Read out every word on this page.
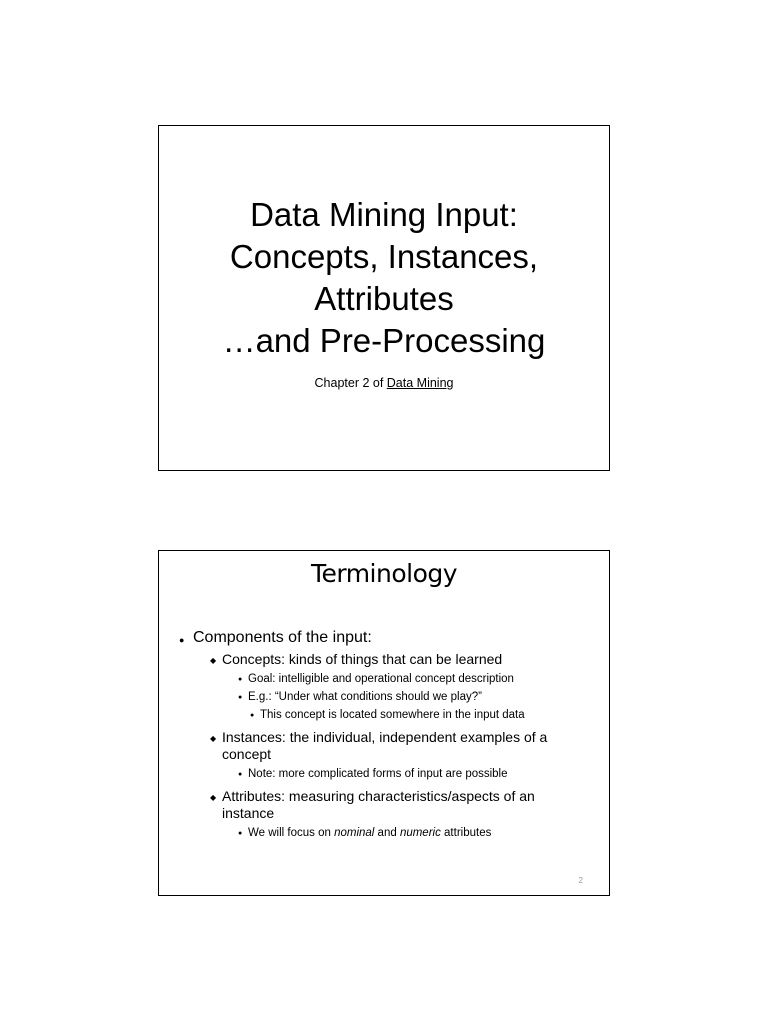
Data Mining Input:
Concepts, Instances,
Attributes
…and Pre-Processing
Chapter 2 of Data Mining
Terminology
● Components of the input:
◆ Concepts: kinds of things that can be learned
● Goal: intelligible and operational concept description
● E.g.: “Under what conditions should we play?”
● This concept is located somewhere in the input data
◆ Instances: the individual, independent examples of a concept
● Note: more complicated forms of input are possible
◆ Attributes: measuring characteristics/aspects of an instance
● We will focus on nominal and numeric attributes
2
